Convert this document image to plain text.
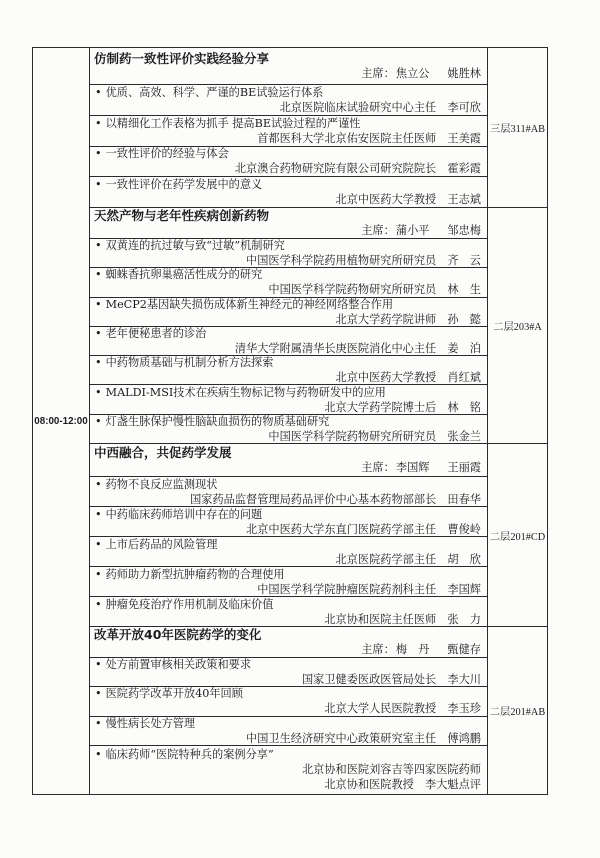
08:00-12:00
仿制药一致性评价实践经验分享
主席：焦立公 姚胜林
• 优质、高效、科学、严谨的BE试验运行体系
北京医院临床试验研究中心主任 李可欣
• 以精细化工作表格为抓手 提高BE试验过程的严谨性
首都医科大学北京佑安医院主任医师 王美霞
• 一致性评价的经验与体会
北京澳合药物研究院有限公司研究院院长 霍彩霞
• 一致性评价在药学发展中的意义
北京中医药大学教授 王志斌
三层311#AB
天然产物与老年性疾病创新药物
主席：蒲小平 邹忠梅
• 双黄连的抗过敏与致“过敏”机制研究
中国医学科学院药用植物研究所研究员 齐 云
• 蜘蛛香抗卵巢癌活性成分的研究
中国医学科学院药物研究所研究员 林 生
• MeCP2基因缺失损伤成体新生神经元的神经网络整合作用
北京大学药学院讲师 孙 懿
• 老年便秘患者的诊治
清华大学附属清华长庚医院消化中心主任 姜 泊
• 中药物质基础与机制分析方法探索
北京中医药大学教授 肖红斌
• MALDI-MSI技术在疾病生物标记物与药物研发中的应用
北京大学药学院博士后 林 铭
• 灯盏生脉保护慢性脑缺血损伤的物质基础研究
中国医学科学院药物研究所研究员 张金兰
二层203#A
中西融合，共促药学发展
主席：李国辉 王丽霞
• 药物不良反应监测现状
国家药品监督管理局药品评价中心基本药物部部长 田春华
• 中药临床药师培训中存在的问题
北京中医药大学东直门医院药学部主任 曹俊岭
• 上市后药品的风险管理
北京医院药学部主任 胡 欣
• 药师助力新型抗肿瘤药物的合理使用
中国医学科学院肿瘤医院药剂科主任 李国辉
• 肿瘤免疫治疗作用机制及临床价值
北京协和医院主任医师 张 力
二层201#CD
改革开放40年医院药学的变化
主席：梅 丹 甄健存
• 处方前置审核相关政策和要求
国家卫健委医政医管局处长 李大川
• 医院药学改革开放40年回顾
北京大学人民医院教授 李玉珍
• 慢性病长处方管理
中国卫生经济研究中心政策研究室主任 傅鸿鹏
• 临床药师“医院特种兵的案例分享”
北京协和医院刘容吉等四家医院药师
北京协和医院教授 李大魁点评
二层201#AB
